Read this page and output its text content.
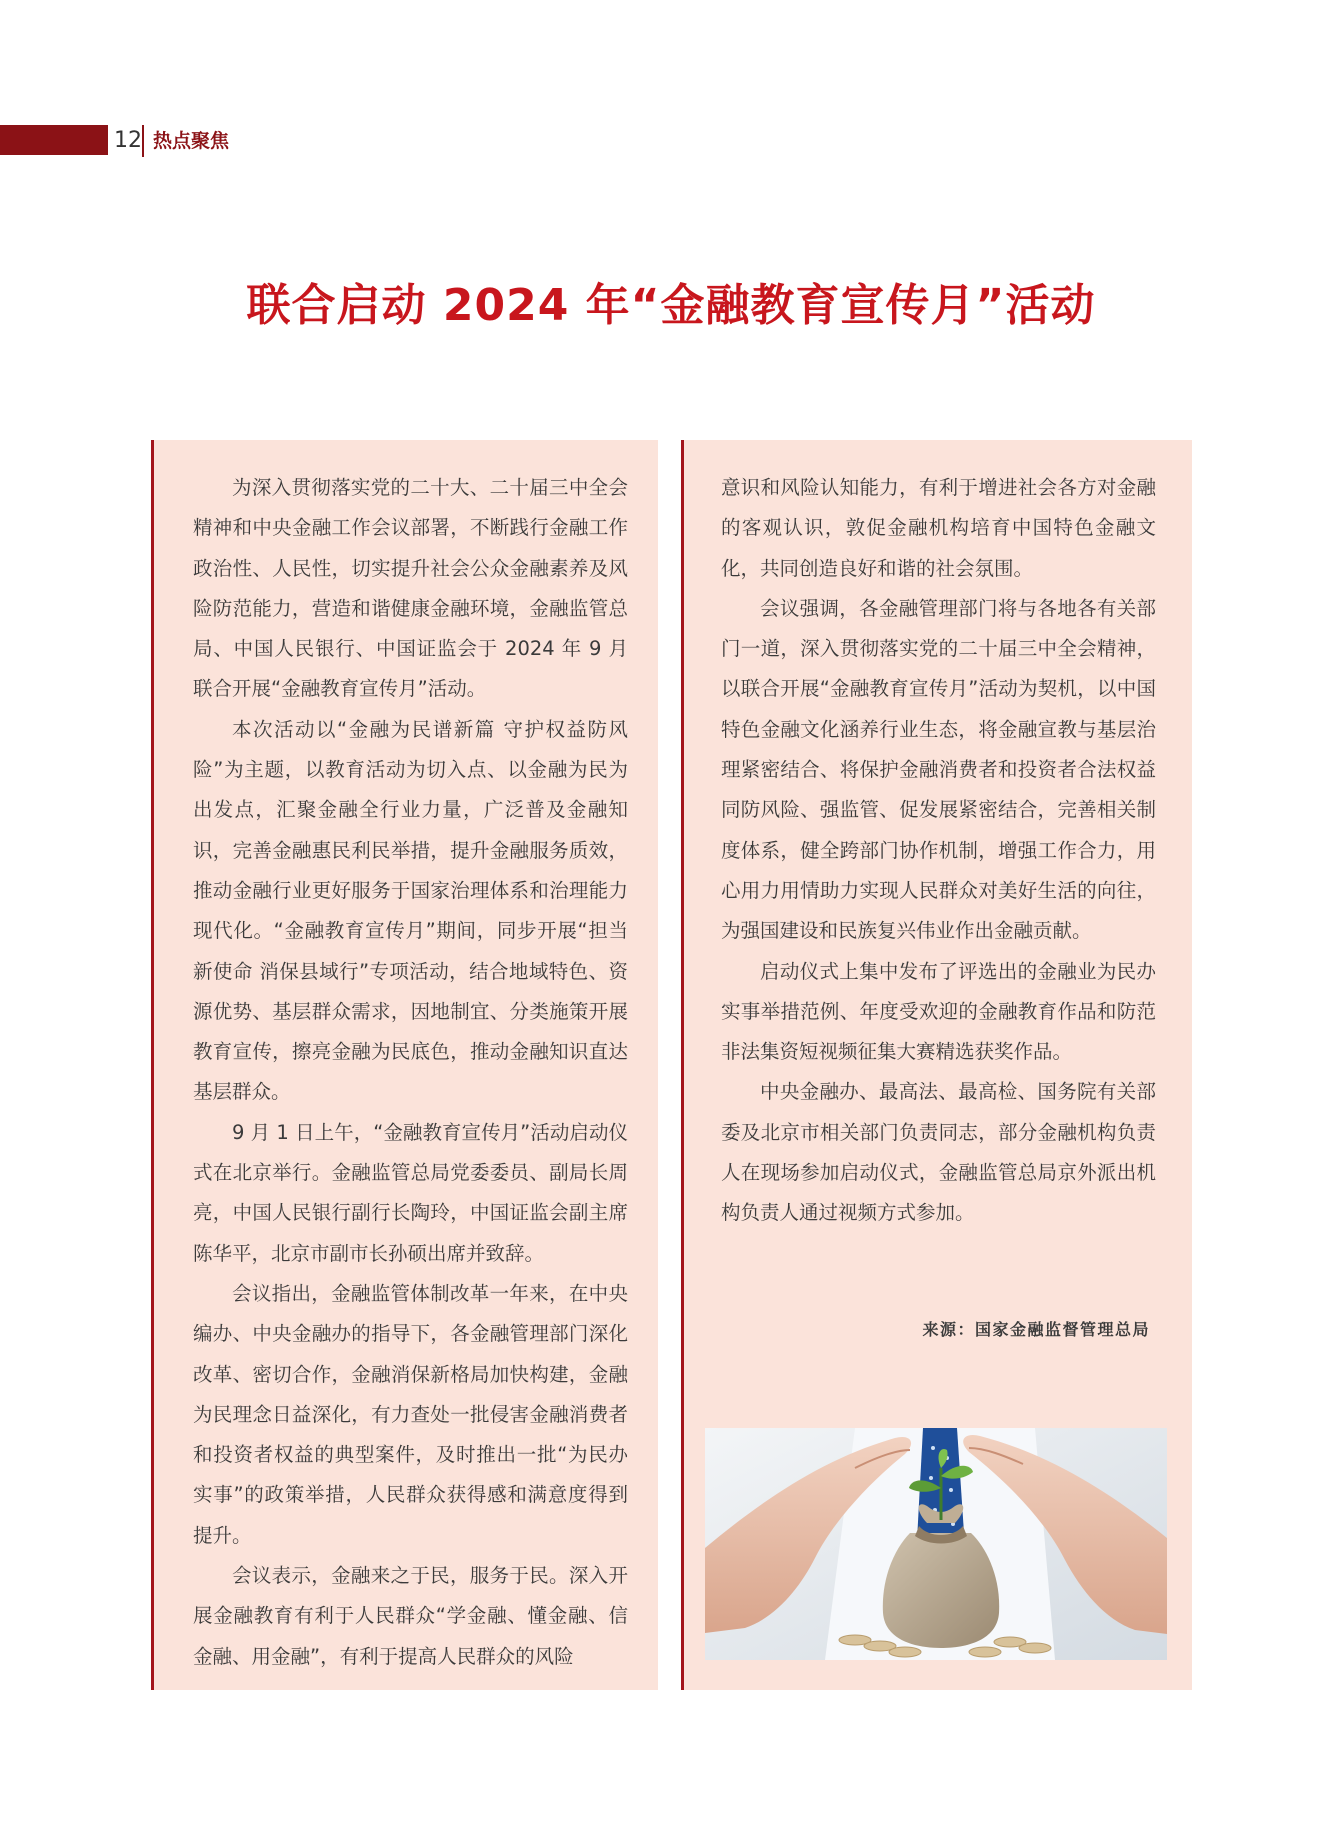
12 热点聚焦
联合启动 2024 年“金融教育宣传月”活动

为深入贯彻落实党的二十大、二十届三中全会精神和中央金融工作会议部署，不断践行金融工作政治性、人民性，切实提升社会公众金融素养及风险防范能力，营造和谐健康金融环境，金融监管总局、中国人民银行、中国证监会于 2024 年 9 月联合开展“金融教育宣传月”活动。

本次活动以“金融为民谱新篇 守护权益防风险”为主题，以教育活动为切入点、以金融为民为出发点，汇聚金融全行业力量，广泛普及金融知识，完善金融惠民利民举措，提升金融服务质效，推动金融行业更好服务于国家治理体系和治理能力现代化。“金融教育宣传月”期间，同步开展“担当新使命 消保县域行”专项活动，结合地域特色、资源优势、基层群众需求，因地制宜、分类施策开展教育宣传，擦亮金融为民底色，推动金融知识直达基层群众。

9 月 1 日上午，“金融教育宣传月”活动启动仪式在北京举行。金融监管总局党委委员、副局长周亮，中国人民银行副行长陶玲，中国证监会副主席陈华平，北京市副市长孙硕出席并致辞。

会议指出，金融监管体制改革一年来，在中央编办、中央金融办的指导下，各金融管理部门深化改革、密切合作，金融消保新格局加快构建，金融为民理念日益深化，有力查处一批侵害金融消费者和投资者权益的典型案件，及时推出一批“为民办实事”的政策举措，人民群众获得感和满意度得到提升。

会议表示，金融来之于民，服务于民。深入开展金融教育有利于人民群众“学金融、懂金融、信金融、用金融”，有利于提高人民群众的风险

意识和风险认知能力，有利于增进社会各方对金融的客观认识，敦促金融机构培育中国特色金融文化，共同创造良好和谐的社会氛围。

会议强调，各金融管理部门将与各地各有关部门一道，深入贯彻落实党的二十届三中全会精神，以联合开展“金融教育宣传月”活动为契机，以中国特色金融文化涵养行业生态，将金融宣教与基层治理紧密结合、将保护金融消费者和投资者合法权益同防风险、强监管、促发展紧密结合，完善相关制度体系，健全跨部门协作机制，增强工作合力，用心用力用情助力实现人民群众对美好生活的向往，为强国建设和民族复兴伟业作出金融贡献。

启动仪式上集中发布了评选出的金融业为民办实事举措范例、年度受欢迎的金融教育作品和防范非法集资短视频征集大赛精选获奖作品。

中央金融办、最高法、最高检、国务院有关部委及北京市相关部门负责同志，部分金融机构负责人在现场参加启动仪式，金融监管总局京外派出机构负责人通过视频方式参加。

来源：国家金融监督管理总局
